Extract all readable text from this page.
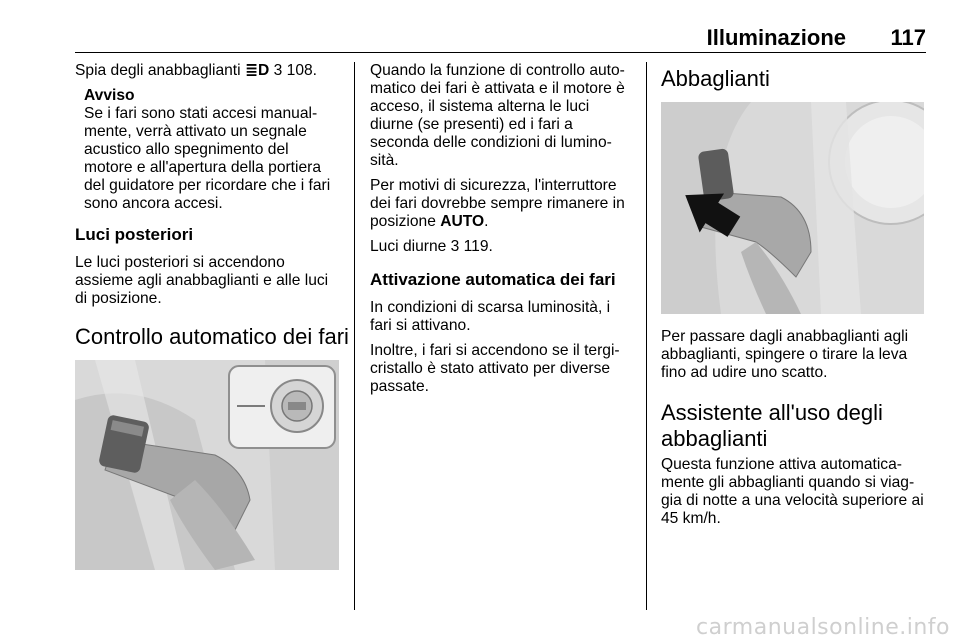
Illuminazione 117

Spia degli anabbaglianti ≣D 3 108.

Avviso
Se i fari sono stati accesi manual-
mente, verrà attivato un segnale
acustico allo spegnimento del
motore e all'apertura della portiera
del guidatore per ricordare che i fari
sono ancora accesi.
Luci posteriori

Le luci posteriori si accendono
assieme agli anabbaglianti e alle luci
di posizione.

Controllo automatico dei fari

Quando la funzione di controllo auto-
matico dei fari è attivata e il motore è
acceso, il sistema alterna le luci
diurne (se presenti) ed i fari a
seconda delle condizioni di lumino-
sità.

Per motivi di sicurezza, l'interruttore
dei fari dovrebbe sempre rimanere in
posizione AUTO.

Luci diurne 3 119.

Attivazione automatica dei fari

In condizioni di scarsa luminosità, i
fari si attivano.

Inoltre, i fari si accendono se il tergi-
cristallo è stato attivato per diverse
passate.

Abbaglianti

Per passare dagli anabbaglianti agli
abbaglianti, spingere o tirare la leva
fino ad udire uno scatto.

Assistente all'uso degli
abbaglianti

Questa funzione attiva automatica-
mente gli abbaglianti quando si viag-
gia di notte a una velocità superiore ai
45 km/h.

carmanualsonline.info
